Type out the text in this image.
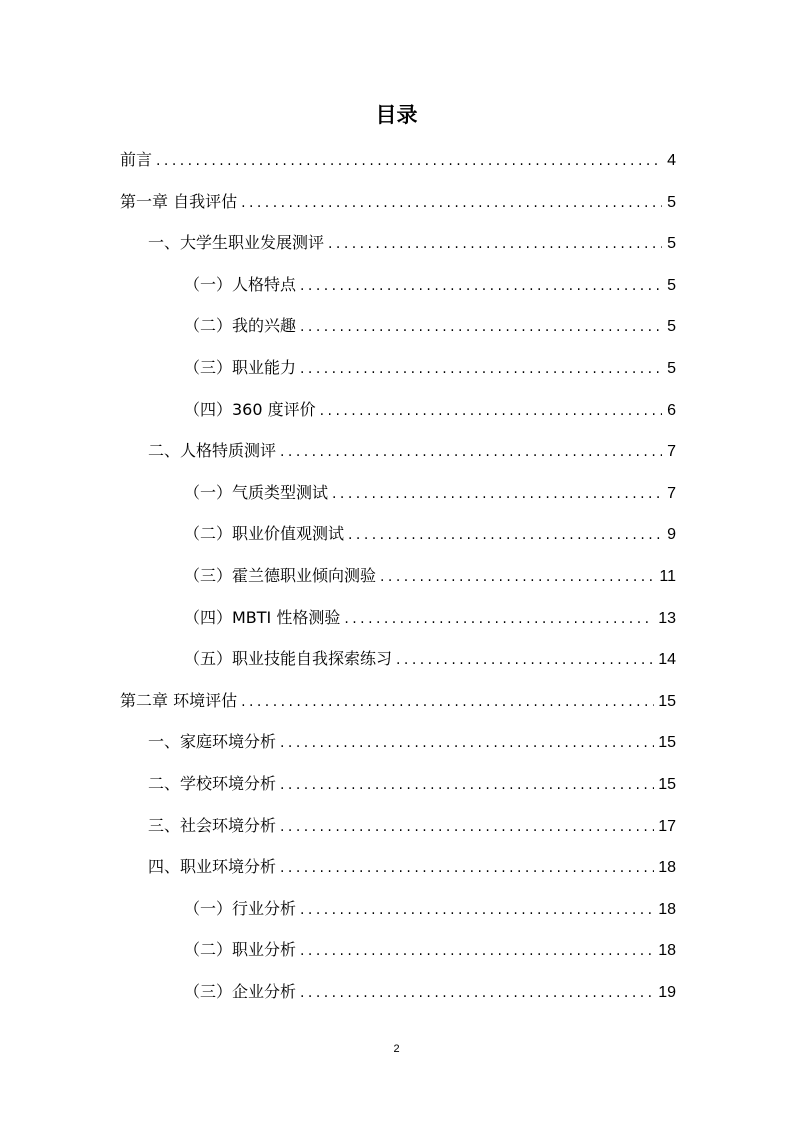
目录
前言 . . .	4
第一章 自我评估 . . .	5
一、大学生职业发展测评 . . .	5
（一）人格特点 . . .	5
（二）我的兴趣 . . .	5
（三）职业能力 . . .	5
（四）360 度评价 . . .	6
二、人格特质测评 . . .	7
（一）气质类型测试 . . .	7
（二）职业价值观测试 . . .	9
（三）霍兰德职业倾向测验 . . .	11
（四）MBTI 性格测验 . . .	13
（五）职业技能自我探索练习 . . .	14
第二章 环境评估 . . .	15
一、家庭环境分析 . . .	15
二、学校环境分析 . . .	15
三、社会环境分析 . . .	17
四、职业环境分析 . . .	18
（一）行业分析 . . .	18
（二）职业分析 . . .	18
（三）企业分析 . . .	19
2
